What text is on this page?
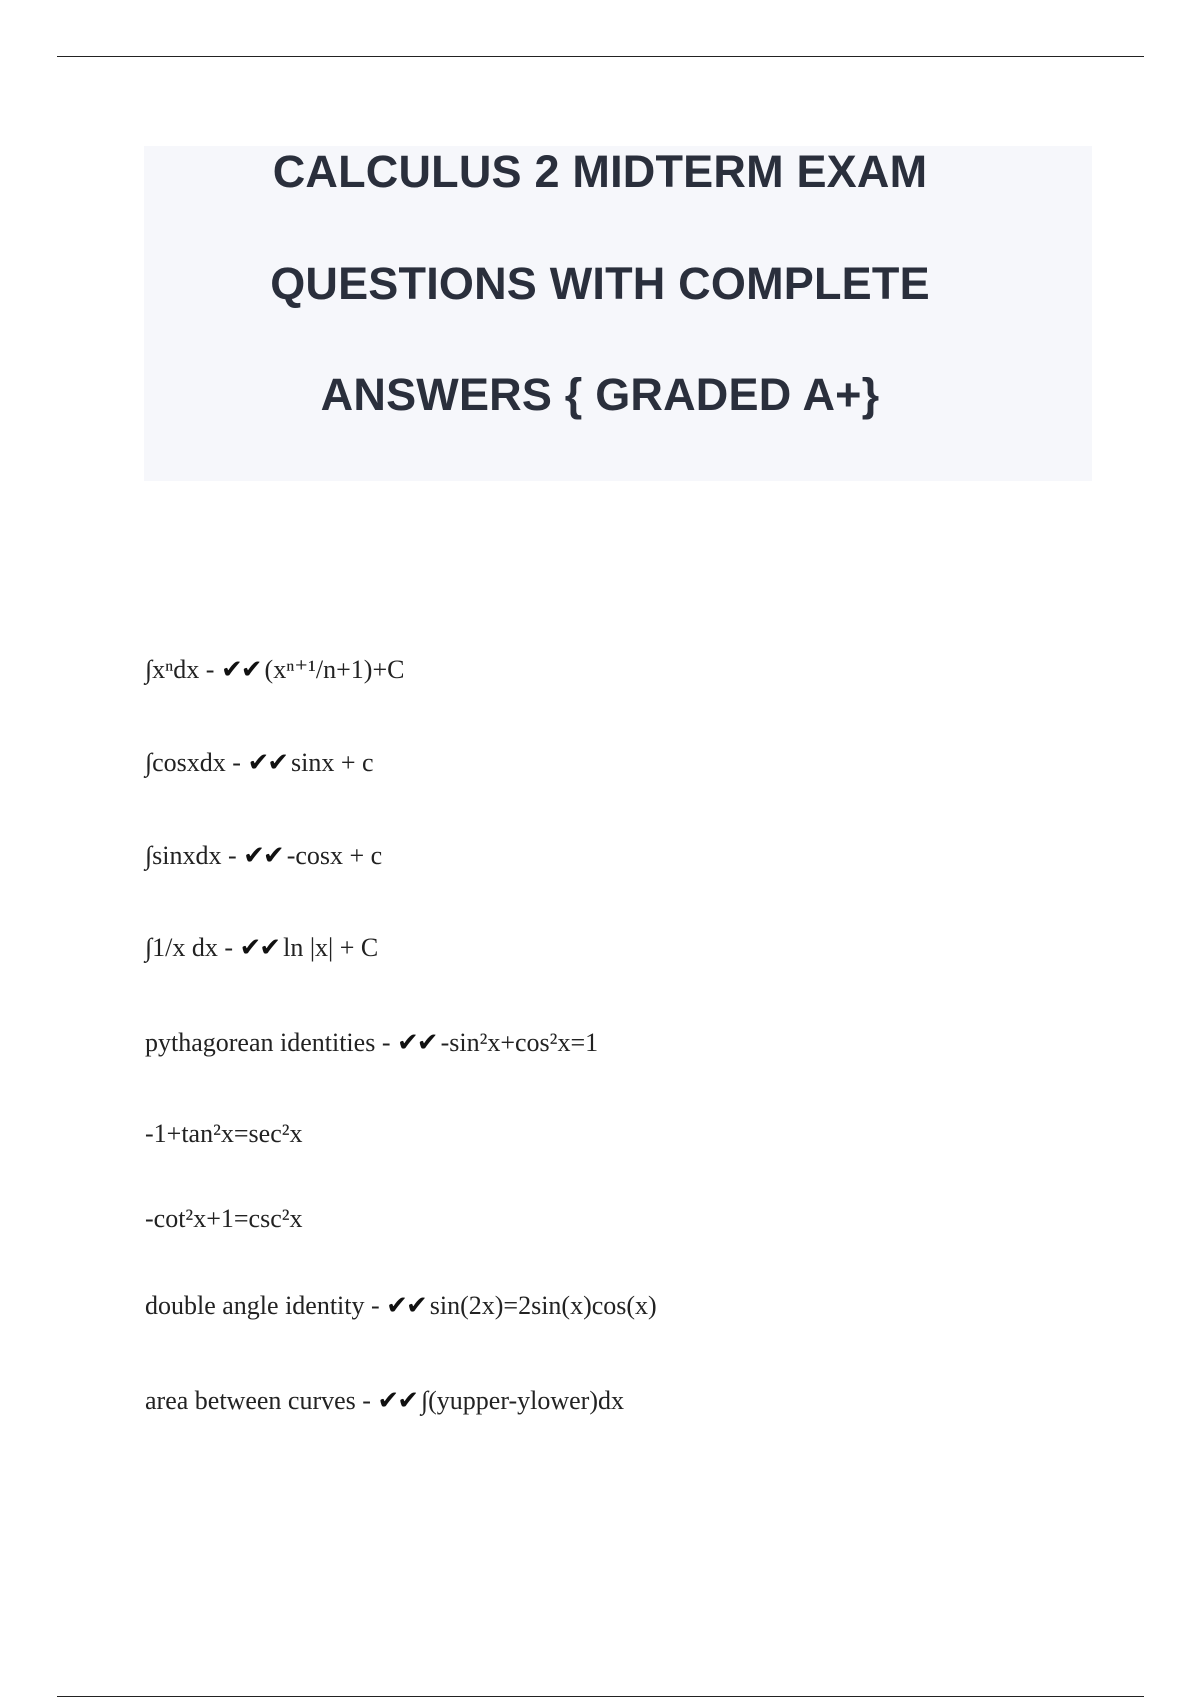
CALCULUS 2 MIDTERM EXAM
QUESTIONS WITH COMPLETE
ANSWERS { GRADED A+}
∫xⁿdx - ✔✔ (xⁿ⁺¹/n+1)+C
∫cosxdx - ✔✔ sinx + c
∫sinxdx - ✔✔ -cosx + c
∫1/x dx - ✔✔ ln |x| + C
pythagorean identities - ✔✔ -sin²x+cos²x=1
-1+tan²x=sec²x
-cot²x+1=csc²x
double angle identity - ✔✔ sin(2x)=2sin(x)cos(x)
area between curves - ✔✔ ∫(yupper-ylower)dx
